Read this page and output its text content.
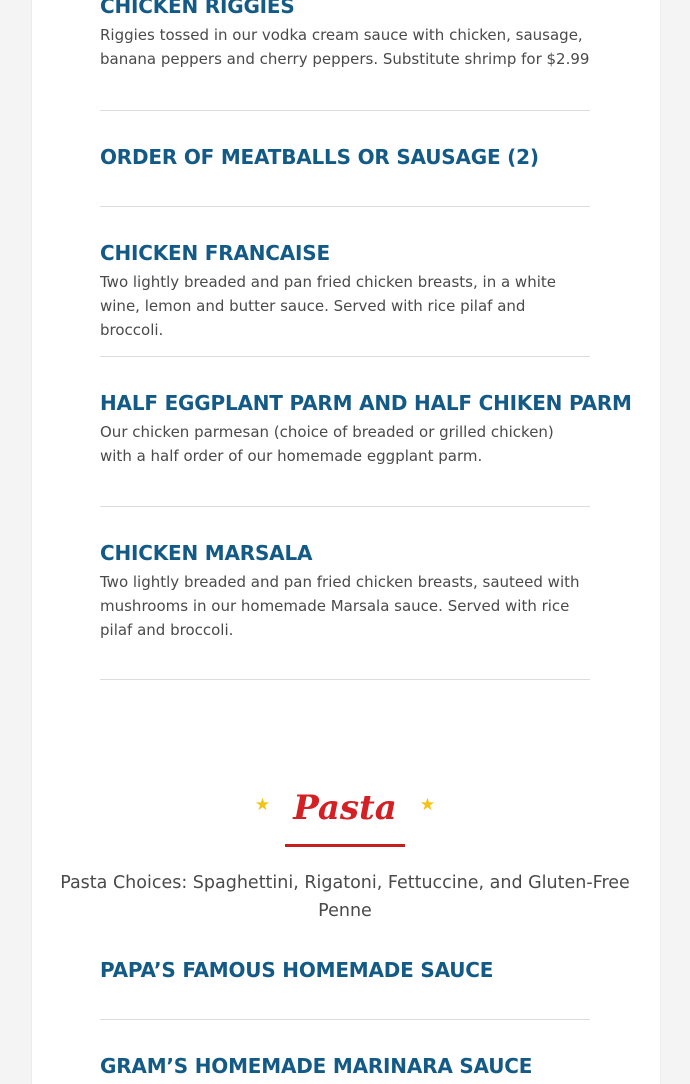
CHICKEN RIGGIES

Riggies tossed in our vodka cream sauce with chicken, sausage, banana peppers and cherry peppers. Substitute shrimp for $2.99

ORDER OF MEATBALLS OR SAUSAGE (2)
CHICKEN FRANCAISE

Two lightly breaded and pan fried chicken breasts, in a white wine, lemon and butter sauce. Served with rice pilaf and broccoli.

HALF EGGPLANT PARM AND HALF CHIKEN PARM

Our chicken parmesan (choice of breaded or grilled chicken) with a half order of our homemade eggplant parm.

CHICKEN MARSALA

Two lightly breaded and pan fried chicken breasts, sauteed with mushrooms in our homemade Marsala sauce. Served with rice pilaf and broccoli.

★ Pasta ★

Pasta Choices: Spaghettini, Rigatoni, Fettuccine, and Gluten-Free Penne

PAPA’S FAMOUS HOMEMADE SAUCE
GRAM’S HOMEMADE MARINARA SAUCE
